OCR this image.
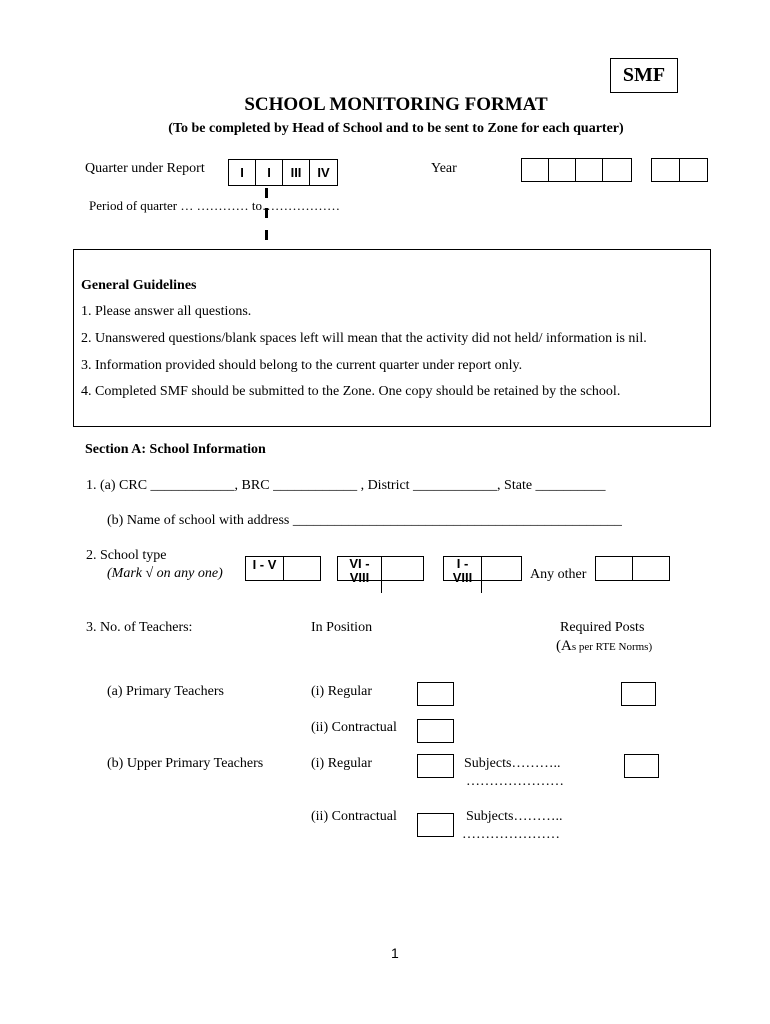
SMF
SCHOOL MONITORING FORMAT
(To be completed by Head of School and to be sent to Zone for each quarter)
Quarter under Report	I	I	III	IV	Year
Period of quarter … ………… to………………
General Guidelines
1. Please answer all questions.
2. Unanswered questions/blank spaces left will mean that the activity did not held/ information is nil.
3. Information provided should belong to the current quarter under report only.
4. Completed SMF should be submitted to the Zone. One copy should be retained by the school.
Section A: School Information
1. (a) CRC ____________, BRC ____________ , District ____________, State __________
(b) Name of school with address _______________________________________________
2. School type
(Mark √ on any one)
I - V	VI - VIII
I - VIII	Any other
3. No. of Teachers:	In Position	Required Posts
(As per RTE Norms)
(a) Primary Teachers	(i) Regular
(ii) Contractual
(b) Upper Primary Teachers	(i) Regular	Subjects………..
…………………
(ii) Contractual	Subjects………..
…………………
1
